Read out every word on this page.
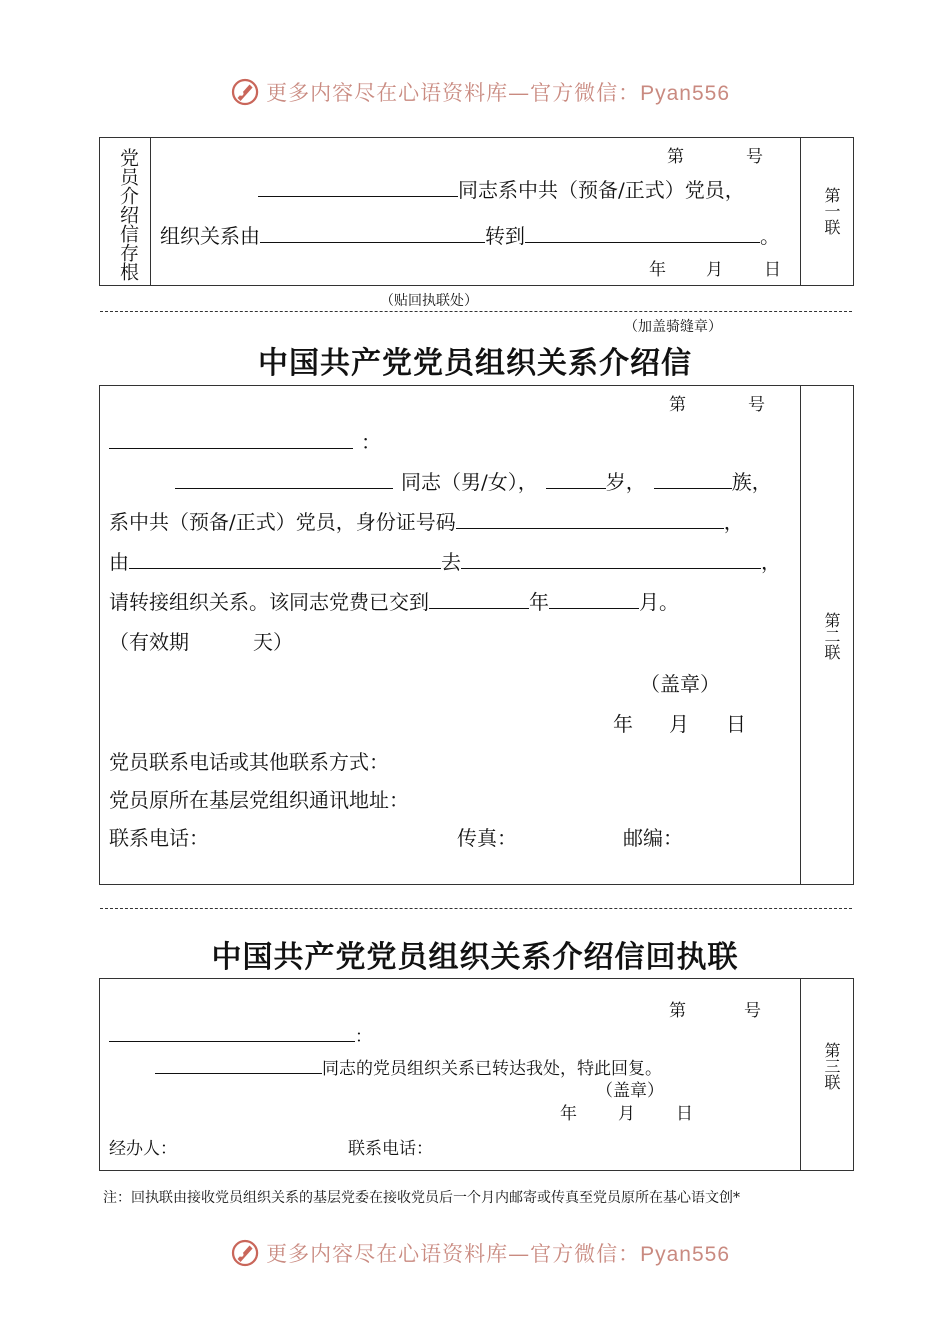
更多内容尽在心语资料库—官方微信：Pyan556
党员介绍信存根	第	号
同志系中共（预备/正式）党员，
组织关系由	转到	。
年 月 日
第一联
（贴回执联处）
（加盖骑缝章）
中国共产党党员组织关系介绍信
第	号
：
同志（男/女），	岁，	族，
系中共（预备/正式）党员，身份证号码	，
由	去	，
请转接组织关系。该同志党费已交到	年	月。
（有效期	天）
（盖章）
年 月 日
党员联系电话或其他联系方式：
党员原所在基层党组织通讯地址：
联系电话：	传真：	邮编：
第二联
中国共产党党员组织关系介绍信回执联
第	号
：
同志的党员组织关系已转达我处，特此回复。
（盖章）
年 月 日
经办人：	联系电话：
第三联
注：回执联由接收党员组织关系的基层党委在接收党员后一个月内邮寄或传真至党员原所在基心语文创*
更多内容尽在心语资料库—官方微信：Pyan556
